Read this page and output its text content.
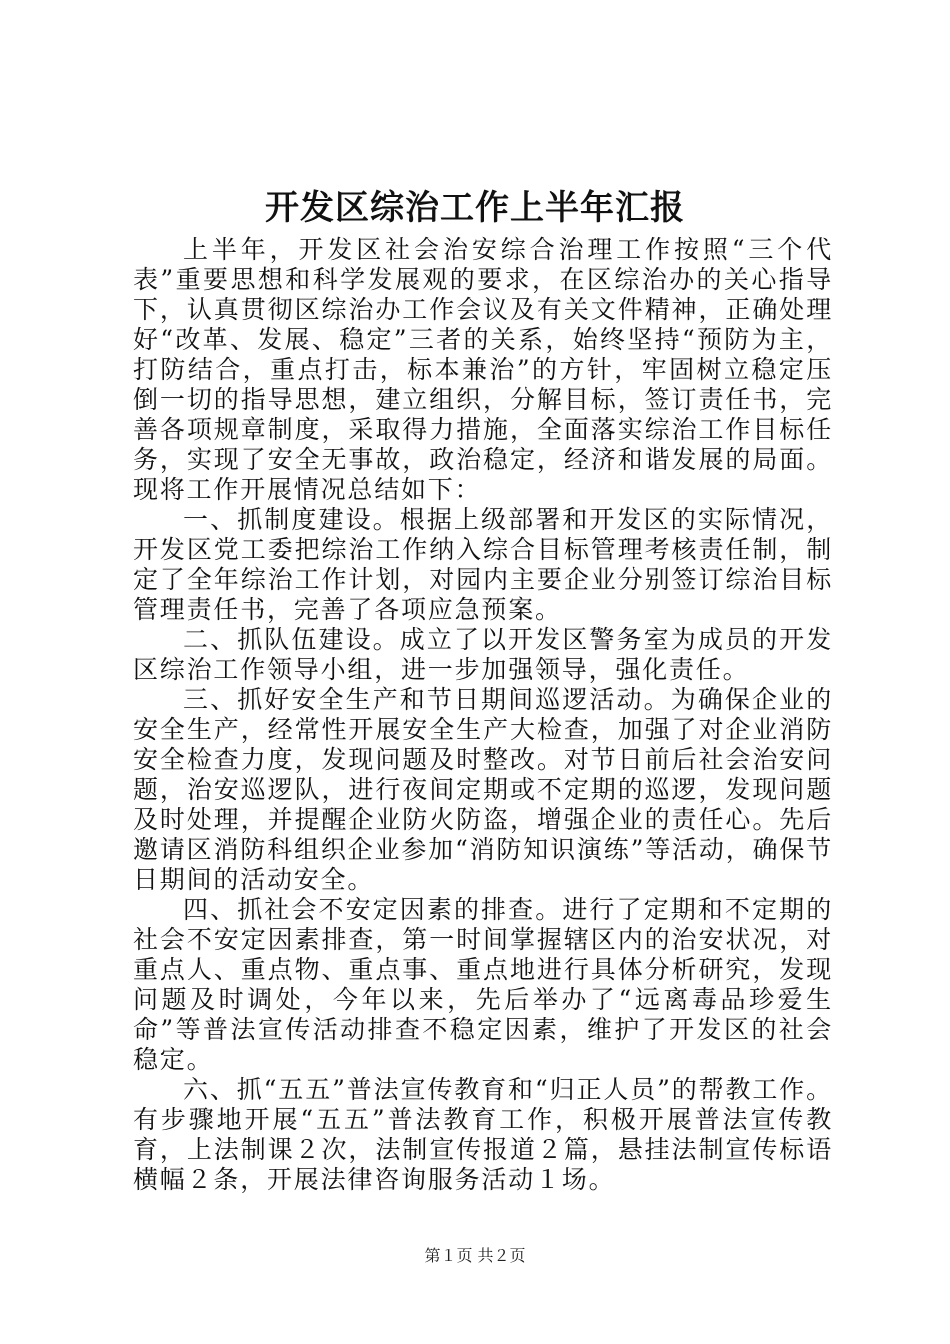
开发区综治工作上半年汇报

上半年，开发区社会治安综合治理工作按照“三个代表”重要思想和科学发展观的要求，在区综治办的关心指导下，认真贯彻区综治办工作会议及有关文件精神，正确处理好“改革、发展、稳定”三者的关系，始终坚持“预防为主，打防结合，重点打击，标本兼治”的方针，牢固树立稳定压倒一切的指导思想，建立组织，分解目标，签订责任书，完善各项规章制度，采取得力措施，全面落实综治工作目标任务，实现了安全无事故，政治稳定，经济和谐发展的局面。现将工作开展情况总结如下：

一、抓制度建设。根据上级部署和开发区的实际情况，开发区党工委把综治工作纳入综合目标管理考核责任制，制定了全年综治工作计划，对园内主要企业分别签订综治目标管理责任书，完善了各项应急预案。

二、抓队伍建设。成立了以开发区警务室为成员的开发区综治工作领导小组，进一步加强领导，强化责任。

三、抓好安全生产和节日期间巡逻活动。为确保企业的安全生产，经常性开展安全生产大检查，加强了对企业消防安全检查力度，发现问题及时整改。对节日前后社会治安问题，治安巡逻队，进行夜间定期或不定期的巡逻，发现问题及时处理，并提醒企业防火防盗，增强企业的责任心。先后邀请区消防科组织企业参加“消防知识演练”等活动，确保节日期间的活动安全。

四、抓社会不安定因素的排查。进行了定期和不定期的社会不安定因素排查，第一时间掌握辖区内的治安状况，对重点人、重点物、重点事、重点地进行具体分析研究，发现问题及时调处，今年以来，先后举办了“远离毒品珍爱生命”等普法宣传活动排查不稳定因素，维护了开发区的社会稳定。

六、抓“五五”普法宣传教育和“归正人员”的帮教工作。有步骤地开展“五五”普法教育工作，积极开展普法宣传教育，上法制课２次，法制宣传报道２篇，悬挂法制宣传标语横幅２条，开展法律咨询服务活动１场。

第１页 共２页
